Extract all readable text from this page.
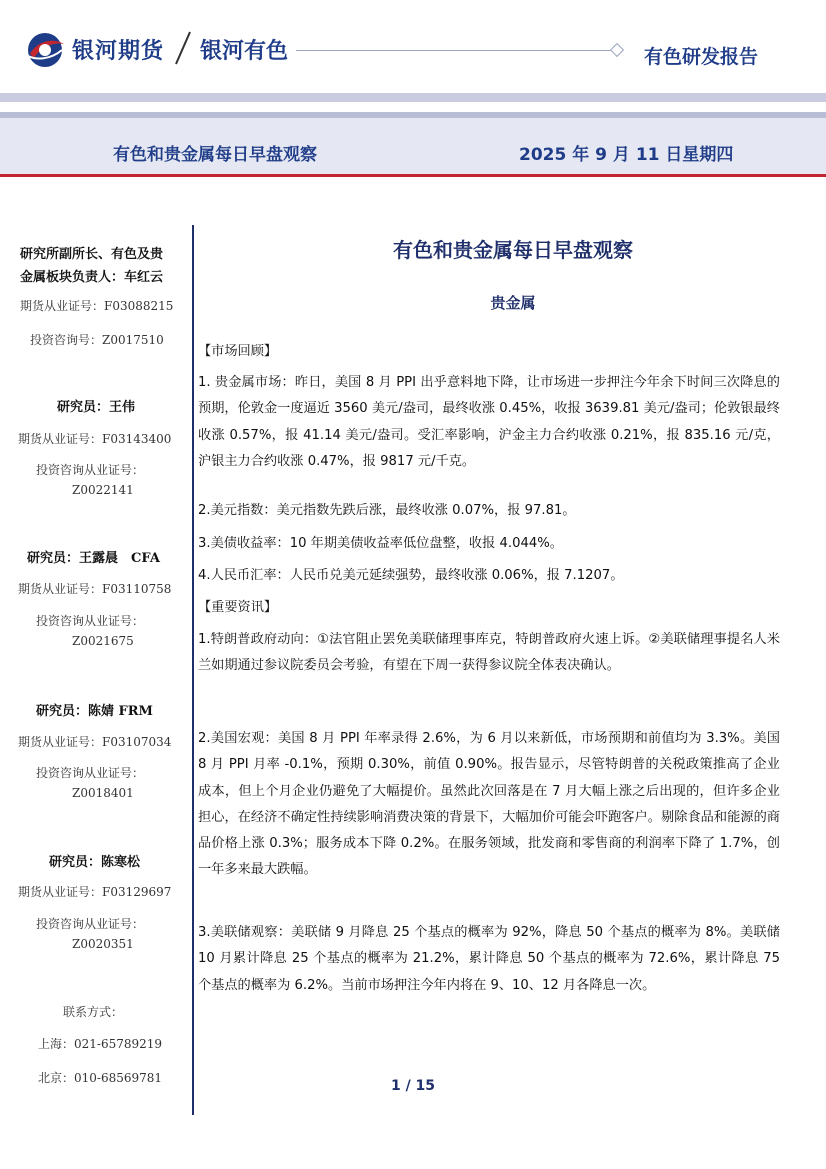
银河期货 银河有色	有色研发报告
有色和贵金属每日早盘观察	2025 年 9 月 11 日星期四
研究所副所长、有色及贵
金属板块负责人：车红云
期货从业证号：F03088215
投资咨询号：Z0017510
研究员：王伟
期货从业证号：F03143400
投资咨询从业证号：
Z0022141
研究员：王露晨　CFA
期货从业证号：F03110758
投资咨询从业证号：
Z0021675
研究员：陈婧 FRM
期货从业证号：F03107034
投资咨询从业证号：
Z0018401
研究员：陈寒松
期货从业证号：F03129697
投资咨询从业证号：
Z0020351
联系方式：
上海：021-65789219
北京：010-68569781
有色和贵金属每日早盘观察
贵金属
【市场回顾】
1. 贵金属市场：昨日，美国 8 月 PPI 出乎意料地下降，让市场进一步押注今年余下时间三次降息的预期，伦敦金一度逼近 3560 美元/盎司，最终收涨 0.45%，收报 3639.81 美元/盎司；伦敦银最终收涨 0.57%，报 41.14 美元/盎司。受汇率影响，沪金主力合约收涨 0.21%，报 835.16 元/克，沪银主力合约收涨 0.47%，报 9817 元/千克。
2.美元指数：美元指数先跌后涨，最终收涨 0.07%，报 97.81。
3.美债收益率：10 年期美债收益率低位盘整，收报 4.044%。
4.人民币汇率：人民币兑美元延续强势，最终收涨 0.06%，报 7.1207。
【重要资讯】
1.特朗普政府动向：①法官阻止罢免美联储理事库克，特朗普政府火速上诉。②美联储理事提名人米兰如期通过参议院委员会考验，有望在下周一获得参议院全体表决确认。
2.美国宏观：美国 8 月 PPI 年率录得 2.6%，为 6 月以来新低，市场预期和前值均为 3.3%。美国 8 月 PPI 月率 -0.1%，预期 0.30%，前值 0.90%。报告显示，尽管特朗普的关税政策推高了企业成本，但上个月企业仍避免了大幅提价。虽然此次回落是在 7 月大幅上涨之后出现的，但许多企业担心，在经济不确定性持续影响消费决策的背景下，大幅加价可能会吓跑客户。剔除食品和能源的商品价格上涨 0.3%；服务成本下降 0.2%。在服务领域，批发商和零售商的利润率下降了 1.7%，创一年多来最大跌幅。
3.美联储观察：美联储 9 月降息 25 个基点的概率为 92%，降息 50 个基点的概率为 8%。美联储 10 月累计降息 25 个基点的概率为 21.2%，累计降息 50 个基点的概率为 72.6%，累计降息 75 个基点的概率为 6.2%。当前市场押注今年内将在 9、10、12 月各降息一次。
1 / 15
